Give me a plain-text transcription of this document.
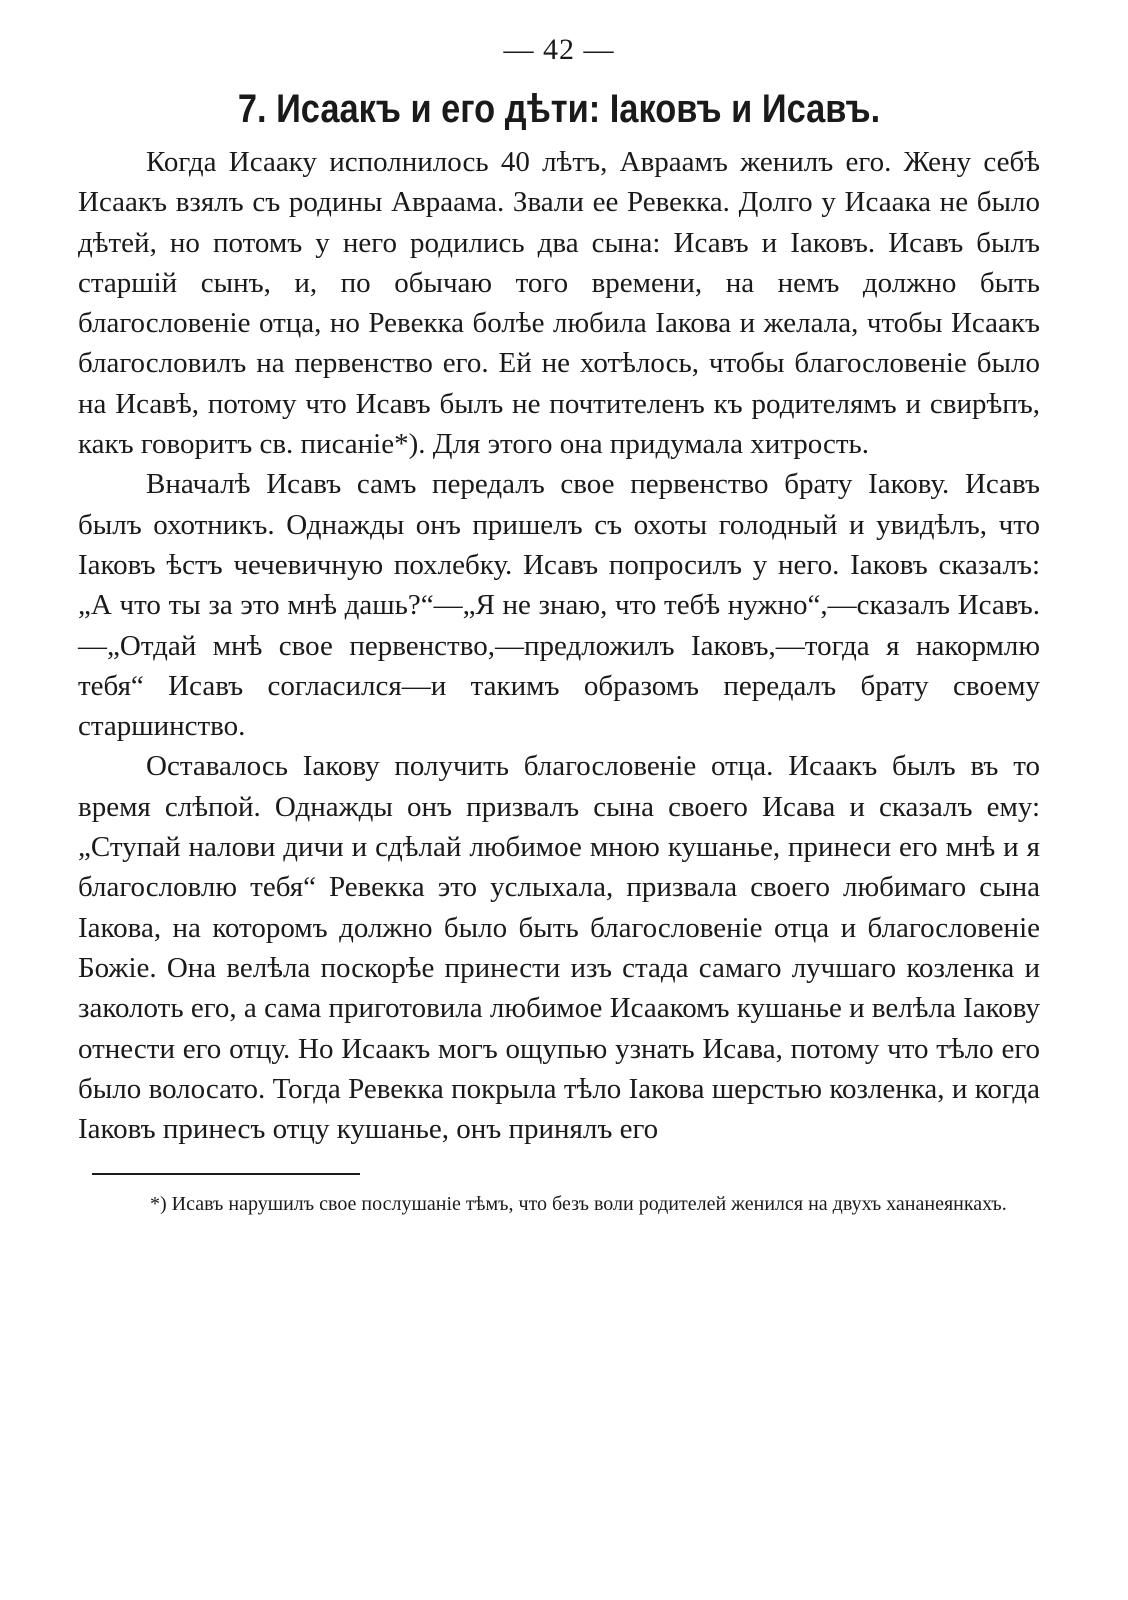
— 42 —
7. Исаакъ и его дѣти: Іаковъ и Исавъ.

Когда Исааку исполнилось 40 лѣтъ, Авраамъ женилъ его. Жену себѣ Исаакъ взялъ съ родины Авраама. Звали ее Ревекка. Долго у Исаака не было дѣтей, но потомъ у него родились два сына: Исавъ и Іаковъ. Исавъ былъ старшій сынъ, и, по обычаю того времени, на немъ должно быть благословеніе отца, но Ревекка болѣе любила Іакова и желала, чтобы Исаакъ благословилъ на первенство его. Ей не хотѣлось, чтобы благословеніе было на Исавѣ, потому что Исавъ былъ не почтителенъ къ родителямъ и свирѣпъ, какъ говоритъ св. писаніе*). Для этого она придумала хитрость.

Вначалѣ Исавъ самъ передалъ свое первенство брату Іакову. Исавъ былъ охотникъ. Однажды онъ пришелъ съ охоты голодный и увидѣлъ, что Іаковъ ѣстъ чечевичную похлебку. Исавъ попросилъ у него. Іаковъ сказалъ: „А что ты за это мнѣ дашь?“—„Я не знаю, что тебѣ нужно“,—сказалъ Исавъ.—„Отдай мнѣ свое первенство,—предложилъ Іаковъ,—тогда я накормлю тебя“ Исавъ согласился—и такимъ образомъ передалъ брату своему старшинство.

Оставалось Іакову получить благословеніе отца. Исаакъ былъ въ то время слѣпой. Однажды онъ призвалъ сына своего Исава и сказалъ ему: „Ступай налови дичи и сдѣлай любимое мною кушанье, принеси его мнѣ и я благословлю тебя“ Ревекка это услыхала, призвала своего любимаго сына Іакова, на которомъ должно было быть благословеніе отца и благословеніе Божіе. Она велѣла поскорѣе принести изъ стада самаго лучшаго козленка и заколоть его, а сама приготовила любимое Исаакомъ кушанье и велѣла Іакову отнести его отцу. Но Исаакъ могъ ощупью узнать Исава, потому что тѣло его было волосато. Тогда Ревекка покрыла тѣло Іакова шерстью козленка, и когда Іаковъ принесъ отцу кушанье, онъ принялъ его

*) Исавъ нарушилъ свое послушаніе тѣмъ, что безъ воли родителей женился на двухъ хананеянкахъ.
